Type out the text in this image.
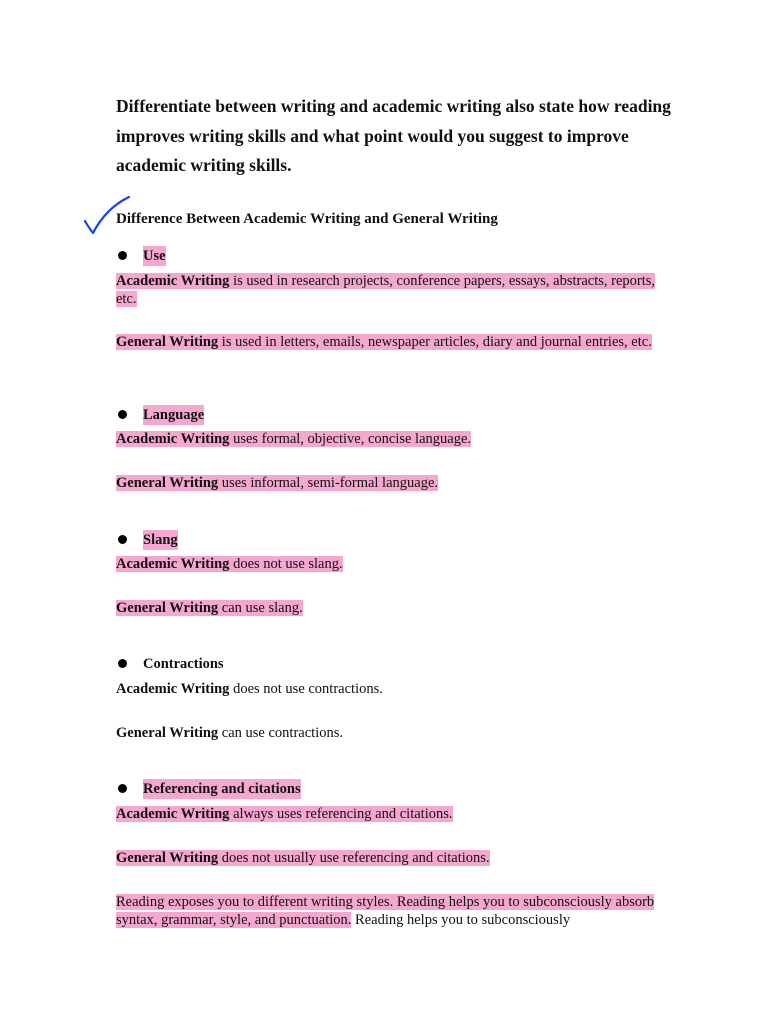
Differentiate between writing and academic writing also state how reading improves writing skills and what point would you suggest to improve academic writing skills.
Difference Between Academic Writing and General Writing
Use
Academic Writing is used in research projects, conference papers, essays, abstracts, reports, etc.
General Writing is used in letters, emails, newspaper articles, diary and journal entries, etc.
Language
Academic Writing uses formal, objective, concise language.
General Writing uses informal, semi-formal language.
Slang
Academic Writing does not use slang.
General Writing can use slang.
Contractions
Academic Writing does not use contractions.
General Writing can use contractions.
Referencing and citations
Academic Writing always uses referencing and citations.
General Writing does not usually use referencing and citations.
Reading exposes you to different writing styles. Reading helps you to subconsciously absorb syntax, grammar, style, and punctuation. Reading helps you to subconsciously
